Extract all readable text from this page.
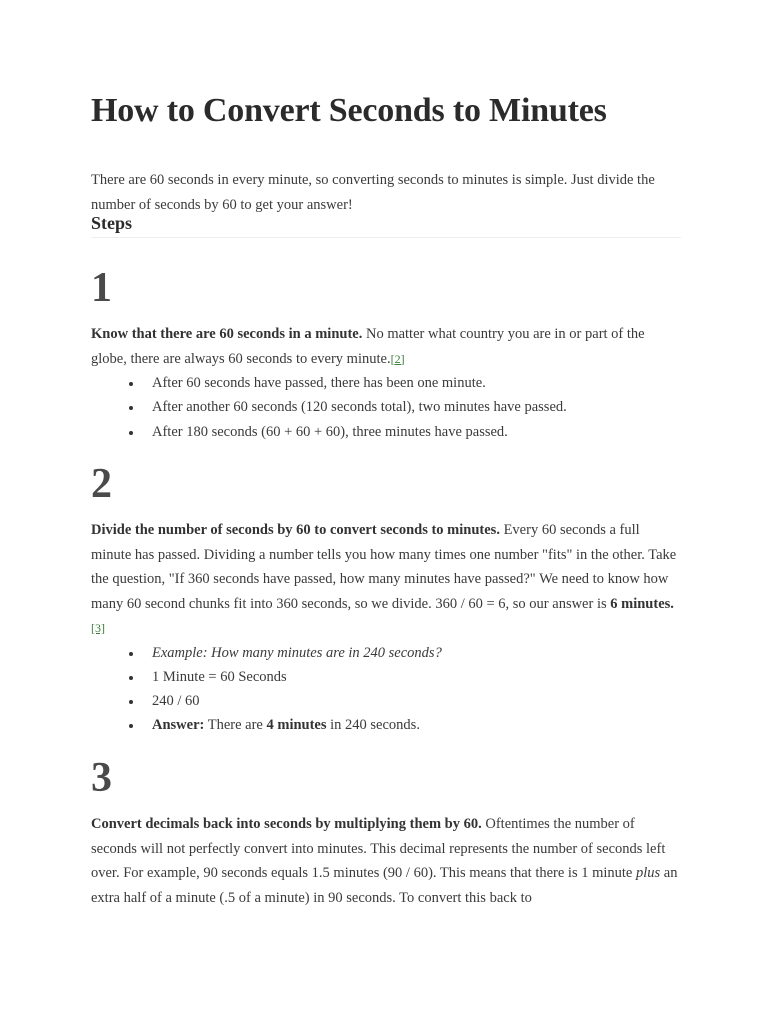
How to Convert Seconds to Minutes

There are 60 seconds in every minute, so converting seconds to minutes is simple. Just divide the number of seconds by 60 to get your answer!

Steps
1

Know that there are 60 seconds in a minute. No matter what country you are in or part of the globe, there are always 60 seconds to every minute.[2]

After 60 seconds have passed, there has been one minute.
After another 60 seconds (120 seconds total), two minutes have passed.
After 180 seconds (60 + 60 + 60), three minutes have passed.
2

Divide the number of seconds by 60 to convert seconds to minutes. Every 60 seconds a full minute has passed. Dividing a number tells you how many times one number "fits" in the other. Take the question, "If 360 seconds have passed, how many minutes have passed?" We need to know how many 60 second chunks fit into 360 seconds, so we divide. 360 / 60 = 6, so our answer is 6 minutes.[3]

Example: How many minutes are in 240 seconds?
1 Minute = 60 Seconds
240 / 60
Answer: There are 4 minutes in 240 seconds.
3

Convert decimals back into seconds by multiplying them by 60. Oftentimes the number of seconds will not perfectly convert into minutes. This decimal represents the number of seconds left over. For example, 90 seconds equals 1.5 minutes (90 / 60). This means that there is 1 minute plus an extra half of a minute (.5 of a minute) in 90 seconds. To convert this back to
